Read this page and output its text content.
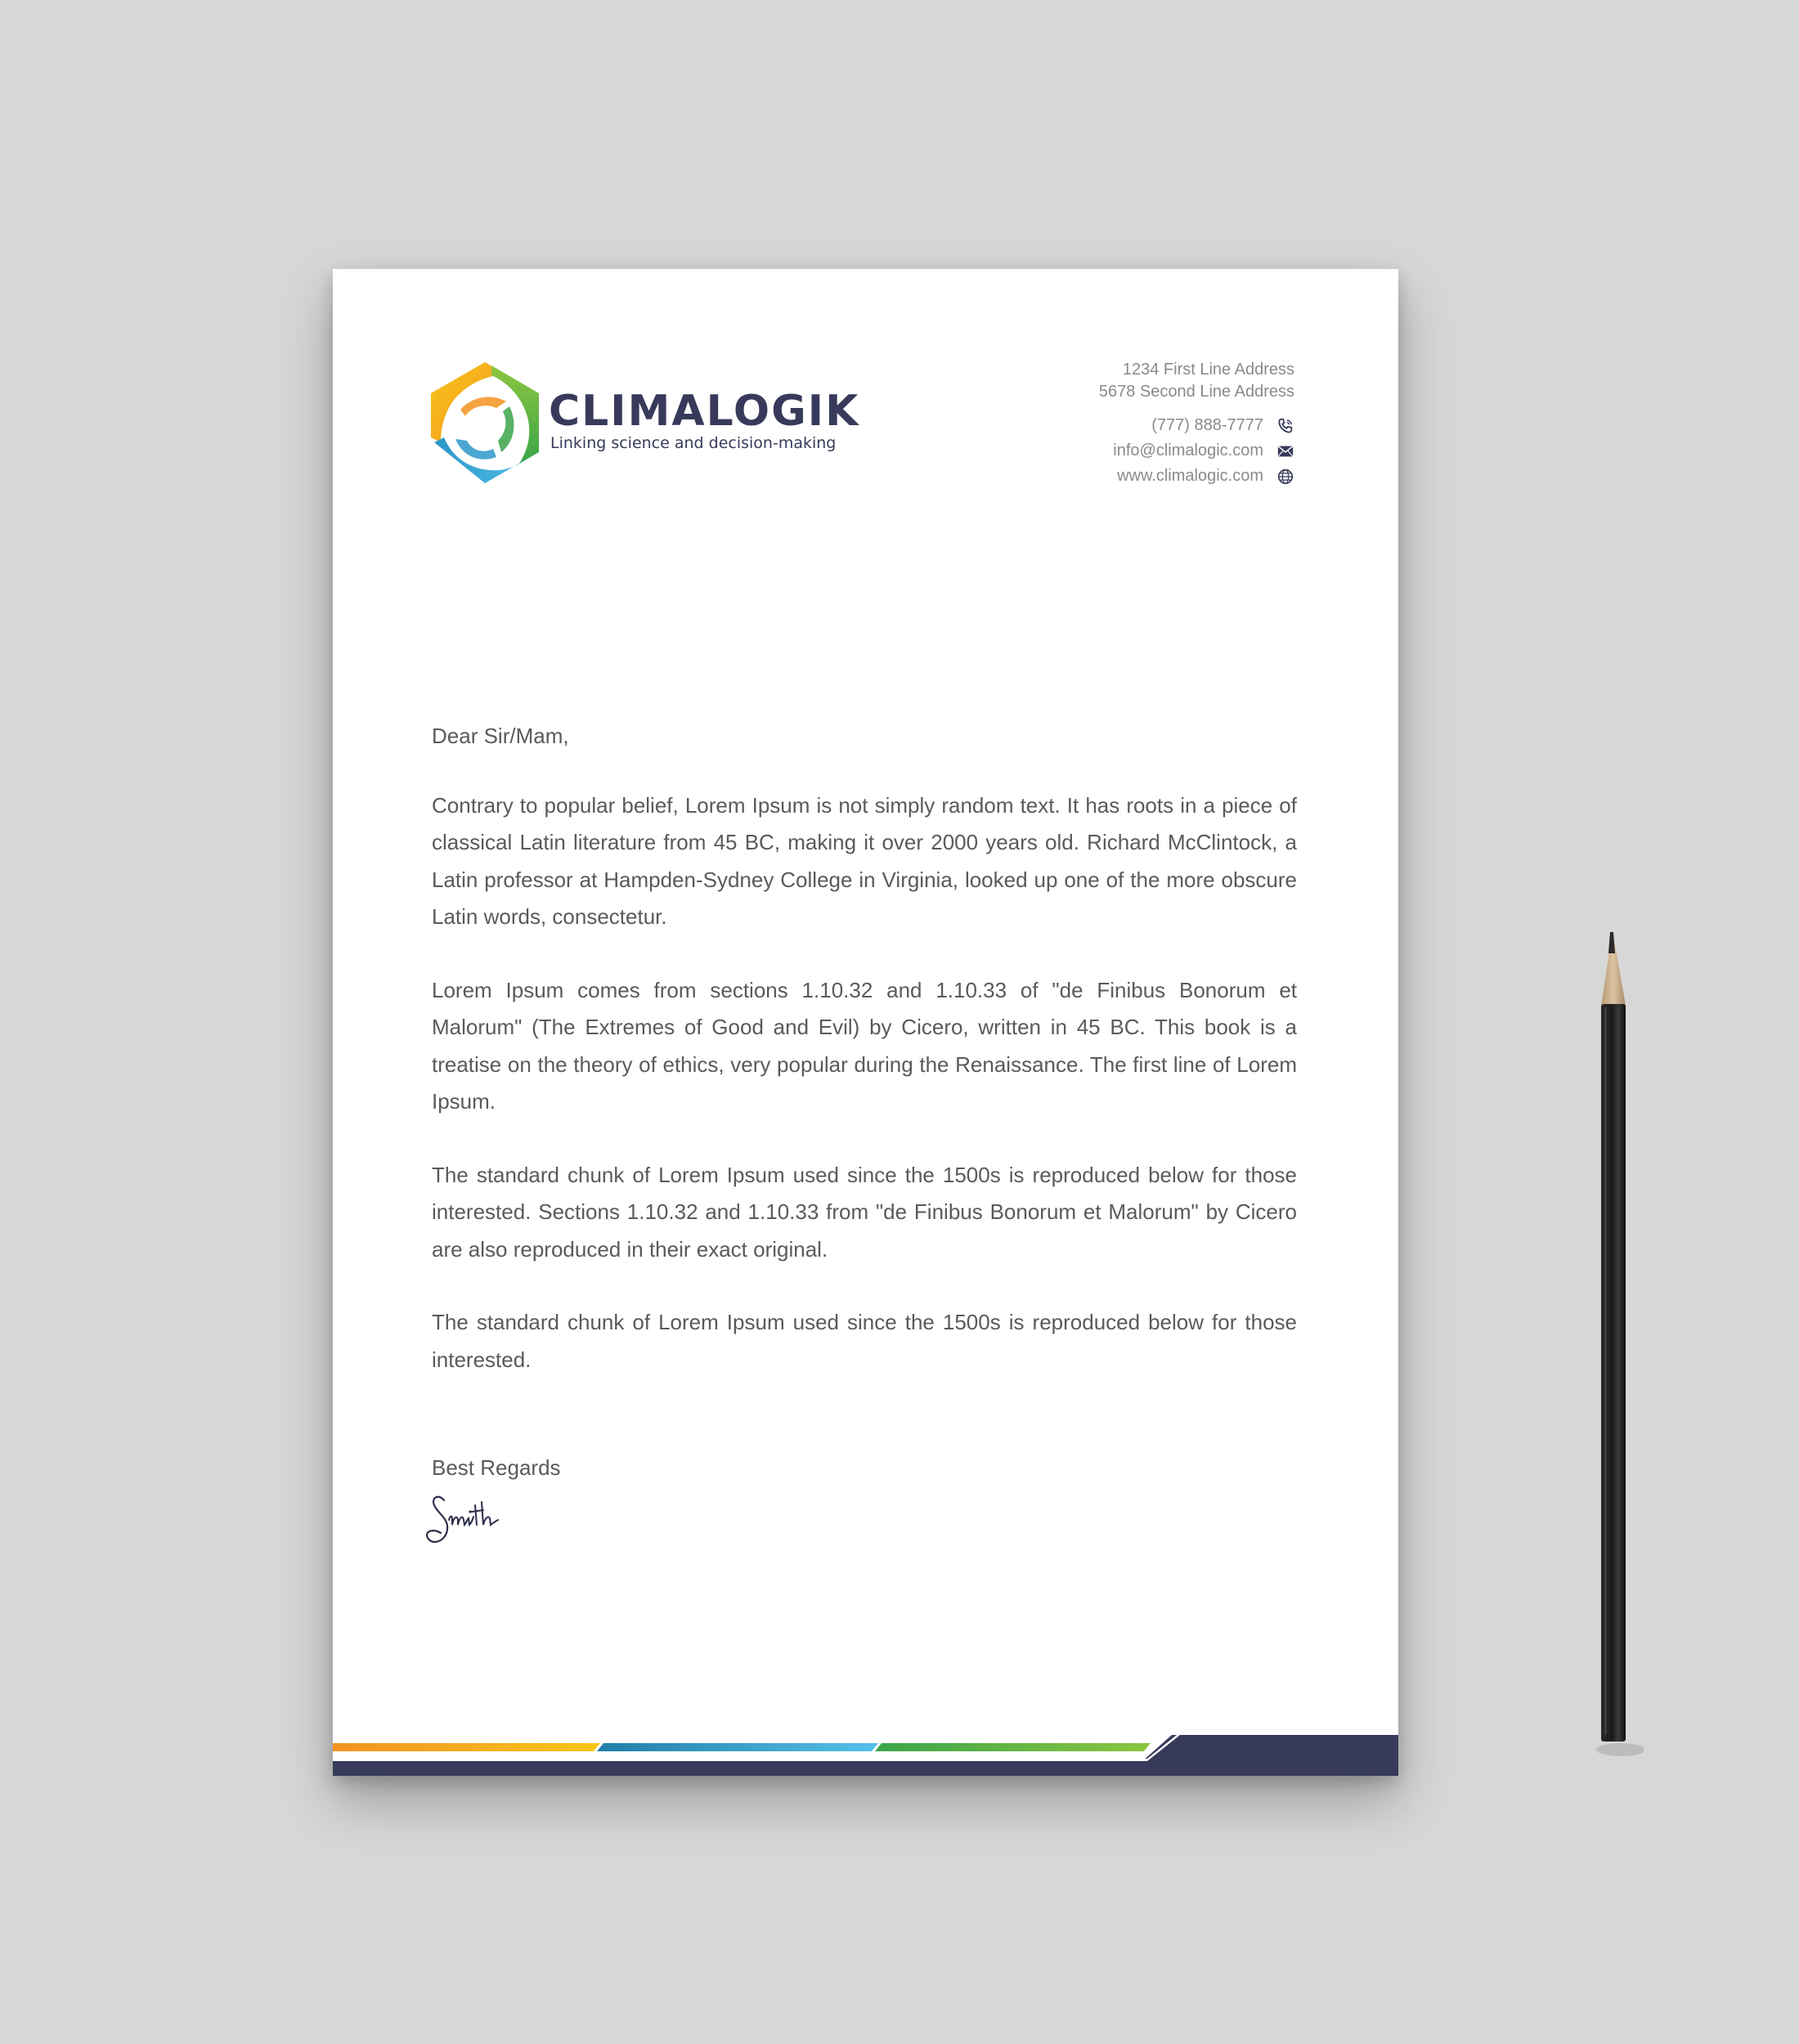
CLIMALOGIK
Linking science and decision-making
1234 First Line Address
5678 Second Line Address
(777) 888-7777
info@climalogic.com
www.climalogic.com

Dear Sir/Mam,

Contrary to popular belief, Lorem Ipsum is not simply random text. It has roots in a piece of classical Latin literature from 45 BC, making it over 2000 years old. Richard McClintock, a Latin professor at Hampden-Sydney College in Virginia, looked up one of the more obscure Latin words, consectetur.

Lorem Ipsum comes from sections 1.10.32 and 1.10.33 of "de Finibus Bonorum et Malorum" (The Extremes of Good and Evil) by Cicero, written in 45 BC. This book is a treatise on the theory of ethics, very popular during the Renaissance. The first line of Lorem Ipsum.

The standard chunk of Lorem Ipsum used since the 1500s is reproduced below for those interested. Sections 1.10.32 and 1.10.33 from "de Finibus Bonorum et Malorum" by Cicero are also reproduced in their exact original.

The standard chunk of Lorem Ipsum used since the 1500s is reproduced below for those interested.

Best Regards
